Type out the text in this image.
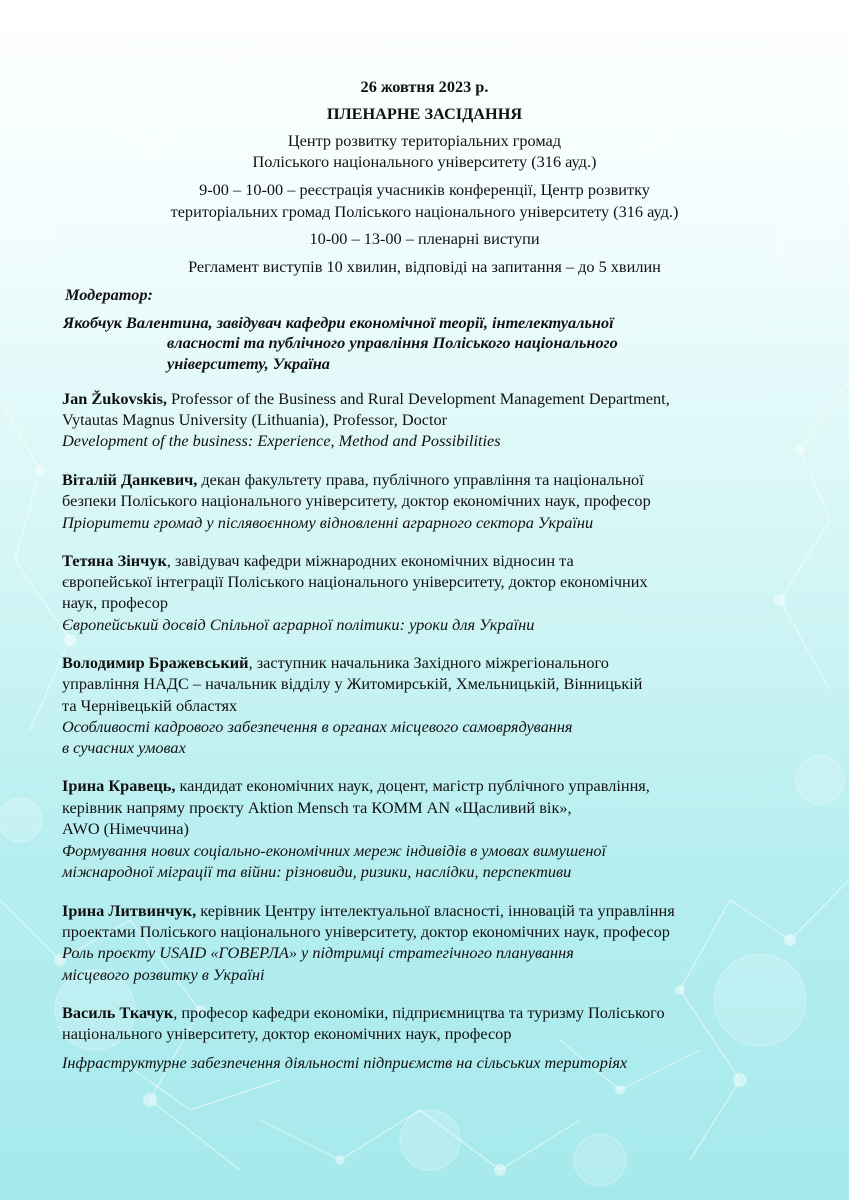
26 жовтня 2023 р.
ПЛЕНАРНЕ ЗАСІДАННЯ
Центр розвитку територіальних громад
Поліського національного університету (316 ауд.)
9-00 – 10-00 – реєстрація учасників конференції, Центр розвитку
територіальних громад Поліського національного університету (316 ауд.)
10-00 – 13-00 – пленарні виступи
Регламент виступів 10 хвилин, відповіді на запитання – до 5 хвилин
Модератор:
Якобчук Валентина, завідувач кафедри економічної теорії, інтелектуальної
власності та публічного управління Поліського національного
університету, Україна
Jan Žukovskis, Professor of the Business and Rural Development Management Department,
Vytautas Magnus University (Lithuania), Professor, Doctor
Development of the business: Experience, Method and Possibilities
Віталій Данкевич, декан факультету права, публічного управління та національної
безпеки Поліського національного університету, доктор економічних наук, професор
Пріоритети громад у післявоєнному відновленні аграрного сектора України
Тетяна Зінчук, завідувач кафедри міжнародних економічних відносин та
європейської інтеграції Поліського національного університету, доктор економічних
наук, професор
Європейський досвід Спільної аграрної політики: уроки для України
Володимир Бражевський, заступник начальника Західного міжрегіонального
управління НАДС – начальник відділу у Житомирській, Хмельницькій, Вінницькій
та Чернівецькій областях
Особливості кадрового забезпечення в органах місцевого самоврядування
в сучасних умовах
Ірина Кравець, кандидат економічних наук, доцент, магістр публічного управління,
керівник напряму проєкту Aktion Mensch та КОММ AN «Щасливий вік»,
AWO (Німеччина)
Формування нових соціально-економічних мереж індивідів в умовах вимушеної
міжнародної міграції та війни: різновиди, ризики, наслідки, перспективи
Ірина Литвинчук, керівник Центру інтелектуальної власності, інновацій та управління
проектами Поліського національного університету, доктор економічних наук, професор
Роль проєкту USAID «ГОВЕРЛА» у підтримці стратегічного планування
місцевого розвитку в Україні
Василь Ткачук, професор кафедри економіки, підприємництва та туризму Поліського
національного університету, доктор економічних наук, професор
Інфраструктурне забезпечення діяльності підприємств на сільських територіях
